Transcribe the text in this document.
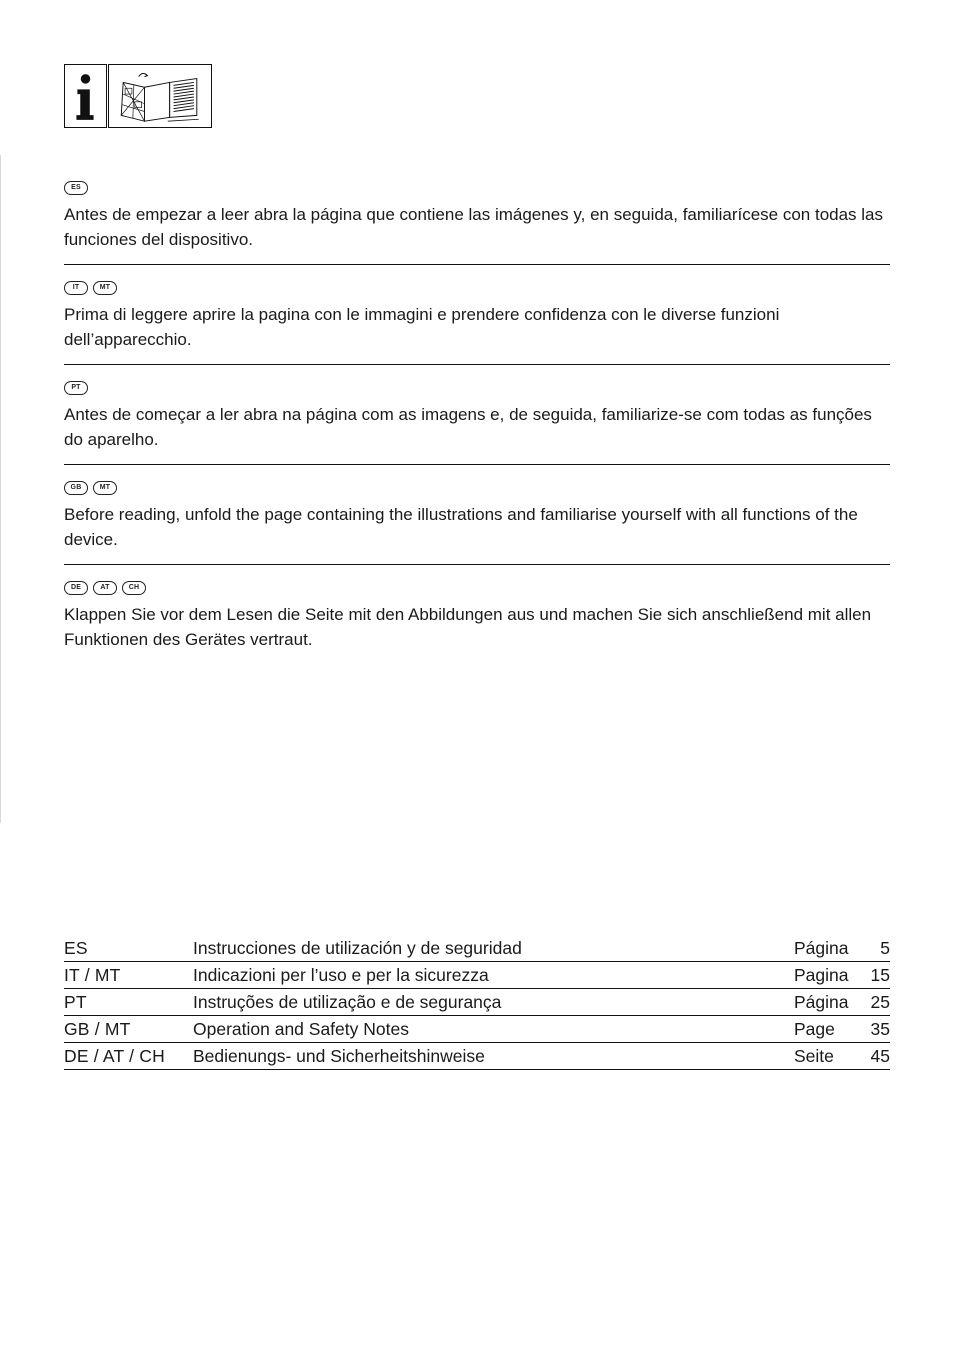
ES

Antes de empezar a leer abra la página que contiene las imágenes y, en seguida, familiarícese con todas las funciones del dispositivo.

IT	MT

Prima di leggere aprire la pagina con le immagini e prendere confidenza con le diverse funzioni dell’apparecchio.

PT

Antes de começar a ler abra na página com as imagens e, de seguida, familiarize-se com todas as funções do aparelho.

GB	MT

Before reading, unfold the page containing the illustrations and familiarise yourself with all functions of the device.

DE	AT	CH

Klappen Sie vor dem Lesen die Seite mit den Abbildungen aus und machen Sie sich anschließend mit allen Funktionen des Gerätes vertraut.

ES	Instrucciones de utilización y de seguridad	Página	5
IT / MT	Indicazioni per l’uso e per la sicurezza	Pagina	15
PT	Instruções de utilização e de segurança	Página	25
GB / MT	Operation and Safety Notes	Page	35
DE / AT / CH	Bedienungs- und Sicherheitshinweise	Seite	45
